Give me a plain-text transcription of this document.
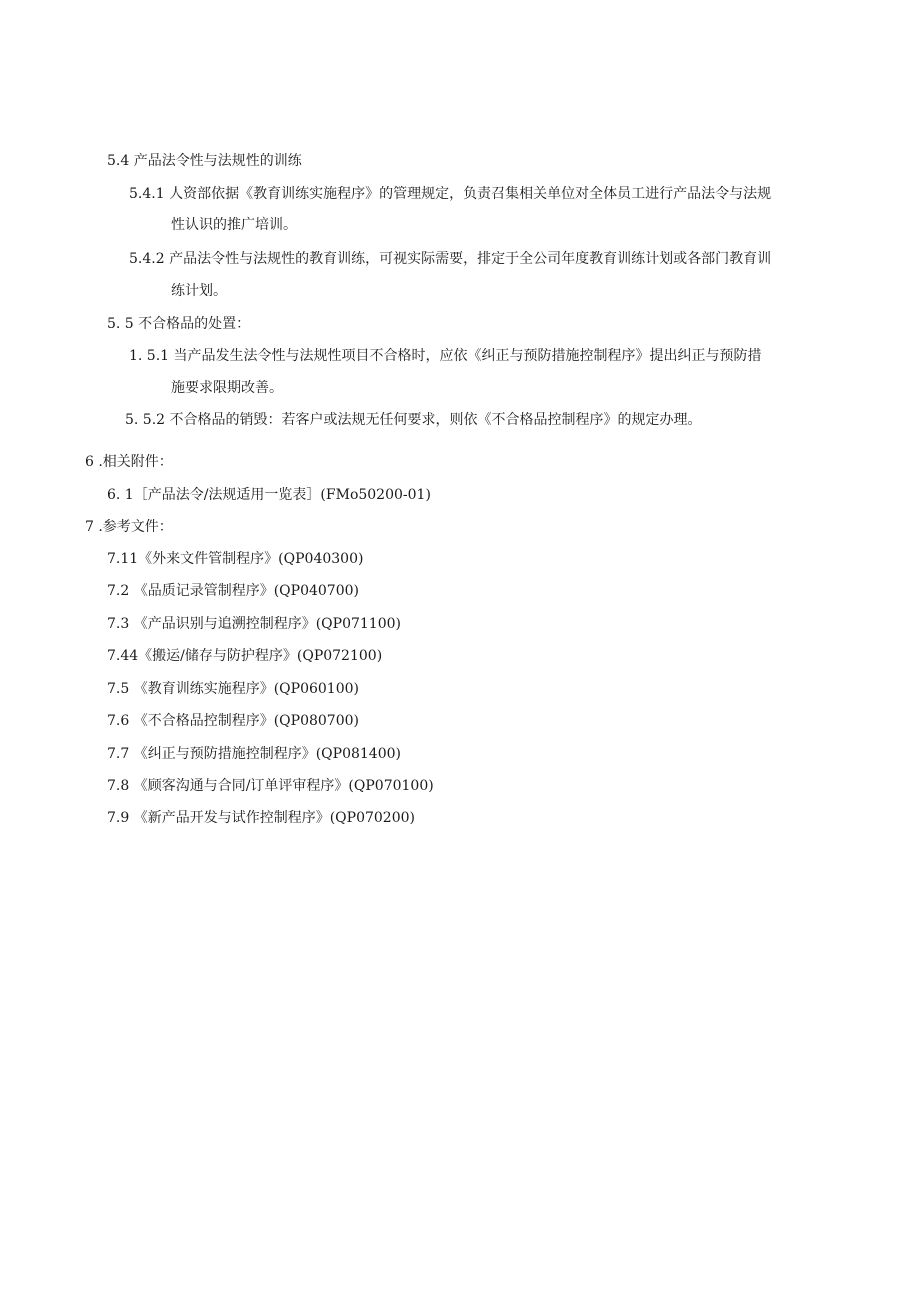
5.4 产品法令性与法规性的训练
5.4.1 人资部依据《教育训练实施程序》的管理规定，负责召集相关单位对全体员工进行产品法令与法规
性认识的推广培训。
5.4.2 产品法令性与法规性的教育训练，可视实际需要，排定于全公司年度教育训练计划或各部门教育训
练计划。
5. 5 不合格品的处置：
1. 5.1 当产品发生法令性与法规性项目不合格时，应依《纠正与预防措施控制程序》提出纠正与预防措
施要求限期改善。
5. 5.2 不合格品的销毁：若客户或法规无任何要求，则依《不合格品控制程序》的规定办理。
6 .相关附件：
6. 1［产品法令/法规适用一览表］(FMo50200-01)
7 .参考文件：
7.11《外来文件管制程序》(QP040300)
7.2 《品质记录管制程序》(QP040700)
7.3 《产品识别与追溯控制程序》(QP071100)
7.44《搬运/储存与防护程序》(QP072100)
7.5 《教育训练实施程序》(QP060100)
7.6 《不合格品控制程序》(QP080700)
7.7 《纠正与预防措施控制程序》(QP081400)
7.8 《顾客沟通与合同/订单评审程序》(QP070100)
7.9 《新产品开发与试作控制程序》(QP070200)
